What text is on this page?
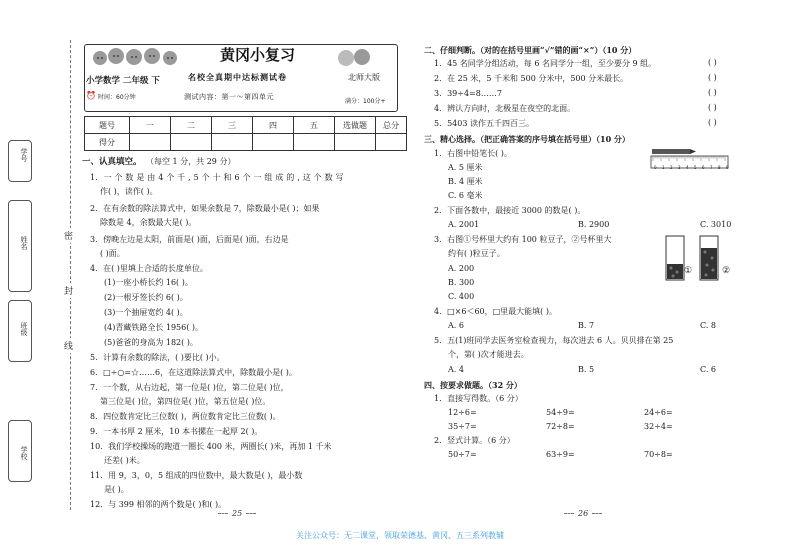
学号
姓名
班级
学校
密
封
线
黄冈小复习
小学数学 二年级 下
⏰ 时间：60分钟
名校全真期中达标测试卷
测试内容：第一～第四单元
北师大版
满分：100分+
题号	一	二	三	四	五	选做题	总分
得分							
一、认真填空。 （每空 1 分，共 29 分）
1．一 个 数 是 由 4 个 千 , 5 个 十 和 6 个 一 组 成 的 , 这 个 数 写
作( )，读作( )。
2．在有余数的除法算式中，如果余数是 7，除数最小是( )；如果
除数是 4，余数最大是( )。
3．傍晚左边是太阳，前面是( )面，后面是( )面，右边是
( )面。
4．在( )里填上合适的长度单位。
(1)一座小桥长约 16( )。
(2)一根牙签长约 6( )。
(3)一个抽屉宽约 4( )。
(4)青藏铁路全长 1956( )。
(5)爸爸的身高为 182( )。
5．计算有余数的除法，( )要比( )小。
6．□÷○=☆……6，在这道除法算式中，除数最小是( )。
7．一个数，从右边起，第一位是( )位，第二位是( )位，
第三位是( )位，第四位是( )位，第五位是( )位。
8．四位数肯定比三位数( )，两位数肯定比三位数( )。
9．一本书厚 2 厘米，10 本书摞在一起厚 2( )。
10．我们学校操场的跑道一圈长 400 米，两圈长( )米，再加 1 千米
还差( )米。
11．用 9，3，0，5 组成的四位数中，最大数是( )，最小数
是( )。
12．与 399 相邻的两个数是( )和( )。
25
二、仔细判断。（对的在括号里画“√”错的画“×”）（10 分）
1．45 名同学分组活动，每 6 名同学分一组，至少要分 9 组。	( )
2．在 25 米，5 千米和 500 分米中，500 分米最长。	( )
3．39÷4=8……7	( )
4．辨认方向时，北极星在夜空的北面。	( )
5．5403 读作五千四百三。	( )
三、精心选择。（把正确答案的序号填在括号里）（10 分）
1．右图中铅笔长( )。
A. 5 厘米
B. 4 厘米
C. 6 毫米
0 1 2 3 4 5 6 7 8 9
2．下面各数中，最接近 3000 的数是( )。
A. 2001	B. 2900	C. 3010
3．右图①号杯里大约有 100 粒豆子，②号杯里大
约有( )粒豆子。
A. 200
B. 300
C. 400
①	②
4．□×6＜60，□里最大能填( )。
A. 6	B. 7	C. 8
5．五(1)班同学去医务室检查视力，每次进去 6 人。贝贝排在第 25
个，第( )次才能进去。
A. 4	B. 5	C. 6
四、按要求做题。（32 分）
1．直接写得数。（6 分）
12÷6=	54÷9=	24÷6=
35÷7=	72÷8=	32÷4=
2．竖式计算。（6 分）
50÷7=	63÷9=	70÷8=
26
关注公众号：无二课堂，领取荣德基、黄冈、五三系列教辅
